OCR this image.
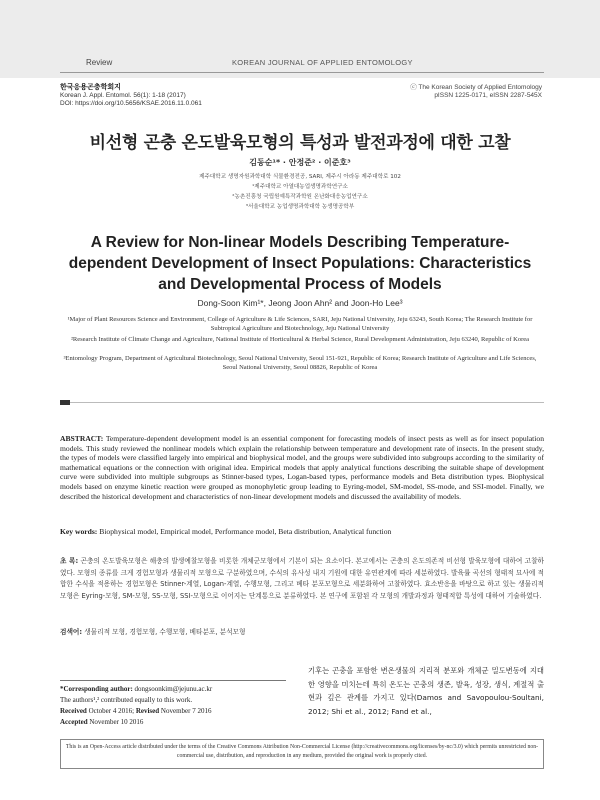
Review	KOREAN JOURNAL OF APPLIED ENTOMOLOGY
한국응용곤충학회지
Korean J. Appl. Entomol. 56(1): 1-18 (2017)
DOI: https://doi.org/10.5656/KSAE.2016.11.0.061
ⓒ The Korean Society of Applied Entomology
pISSN 1225-0171, eISSN 2287-545X
비선형 곤충 온도발육모형의 특성과 발전과정에 대한 고찰
김동순¹* · 안정준² · 이준호³
제주대학교 생명자원과학대학 식물환경전공, SARI, 제주시 아라동 제주대학로 102
¹제주대학교 아열대농업생명과학연구소
²농촌진흥청 국립원예특작과학원 온난화대응농업연구소
³서울대학교 농업생명과학대학 농생명공학부
A Review for Non-linear Models Describing Temperature-dependent Development of Insect Populations: Characteristics and Developmental Process of Models
Dong-Soon Kim¹*, Jeong Joon Ahn² and Joon-Ho Lee³
¹Major of Plant Resources Science and Environment, College of Agriculture & Life Sciences, SARI, Jeju National University, Jeju 63243, South Korea; The Research Institute for Subtropical Agriculture and Biotechnology, Jeju National University
²Research Institute of Climate Change and Agriculture, National Institute of Horticultural & Herbal Science, Rural Development Administration, Jeju 63240, Republic of Korea
³Entomology Program, Department of Agricultural Biotechnology, Seoul National University, Seoul 151-921, Republic of Korea; Research Institute of Agriculture and Life Sciences, Seoul National University, Seoul 08826, Republic of Korea
ABSTRACT: Temperature-dependent development model is an essential component for forecasting models of insect pests as well as for insect population models. This study reviewed the nonlinear models which explain the relationship between temperature and development rate of insects. In the present study, the types of models were classified largely into empirical and biophysical model, and the groups were subdivided into subgroups according to the similarity of mathematical equations or the connection with original idea. Empirical models that apply analytical functions describing the suitable shape of development curve were subdivided into multiple subgroups as Stinner-based types, Logan-based types, performance models and Beta distribution types. Biophysical models based on enzyme kinetic reaction were grouped as monophyletic group leading to Eyring-model, SM-model, SS-mode, and SSI-model. Finally, we described the historical development and characteristics of non-linear development models and discussed the availability of models.
Key words: Biophysical model, Empirical model, Performance model, Beta distribution, Analytical function
초 록: 곤충의 온도발육모형은 해충의 발생예찰모형을 비롯한 개체군모형에서 기본이 되는 요소이다. 본고에서는 곤충의 온도의존적 비선형 발육모형에 대하여 고찰하였다. 모형의 종류를 크게 경험모형과 생물리적 모형으로 구분하였으며, 수식의 유사성 내지 기원에 대한 유연관계에 따라 세분하였다. 발육률 곡선의 형태적 묘사에 적합한 수식을 적용하는 경험모형은 Stinner-계열, Logan-계열, 수행모형, 그리고 베타 분포모형으로 세분화하여 고찰하였다. 효소반응을 바탕으로 하고 있는 생물리적 모형은 Eyring-모형, SM-모형, SS-모형, SSI-모형으로 이어지는 단계통으로 분류하였다. 본 연구에 포함된 각 모형의 개발과정과 형태적합 특성에 대하여 기술하였다.
검색어: 생물리적 모형, 경험모형, 수행모형, 베타분포, 분석모형
*Corresponding author: dongsoonkim@jejunu.ac.kr
The authors¹,² contributed equally to this work.
Received October 4 2016; Revised November 7 2016
Accepted November 10 2016
기후는 곤충을 포함한 변온생물의 지리적 분포와 개체군 밀도변동에 지대한 영향을 미치는데 특히 온도는 곤충의 생존, 발육, 성장, 생식, 계절적 출현과 깊은 관계를 가지고 있다(Damos and Savopoulou-Soultani, 2012; Shi et al., 2012; Fand et al.,
This is an Open-Access article distributed under the terms of the Creative Commons Attribution Non-Commercial License (http://creativecommons.org/licenses/by-nc/3.0) which permits unrestricted non-commercial use, distribution, and reproduction in any medium, provided the original work is properly cited.
